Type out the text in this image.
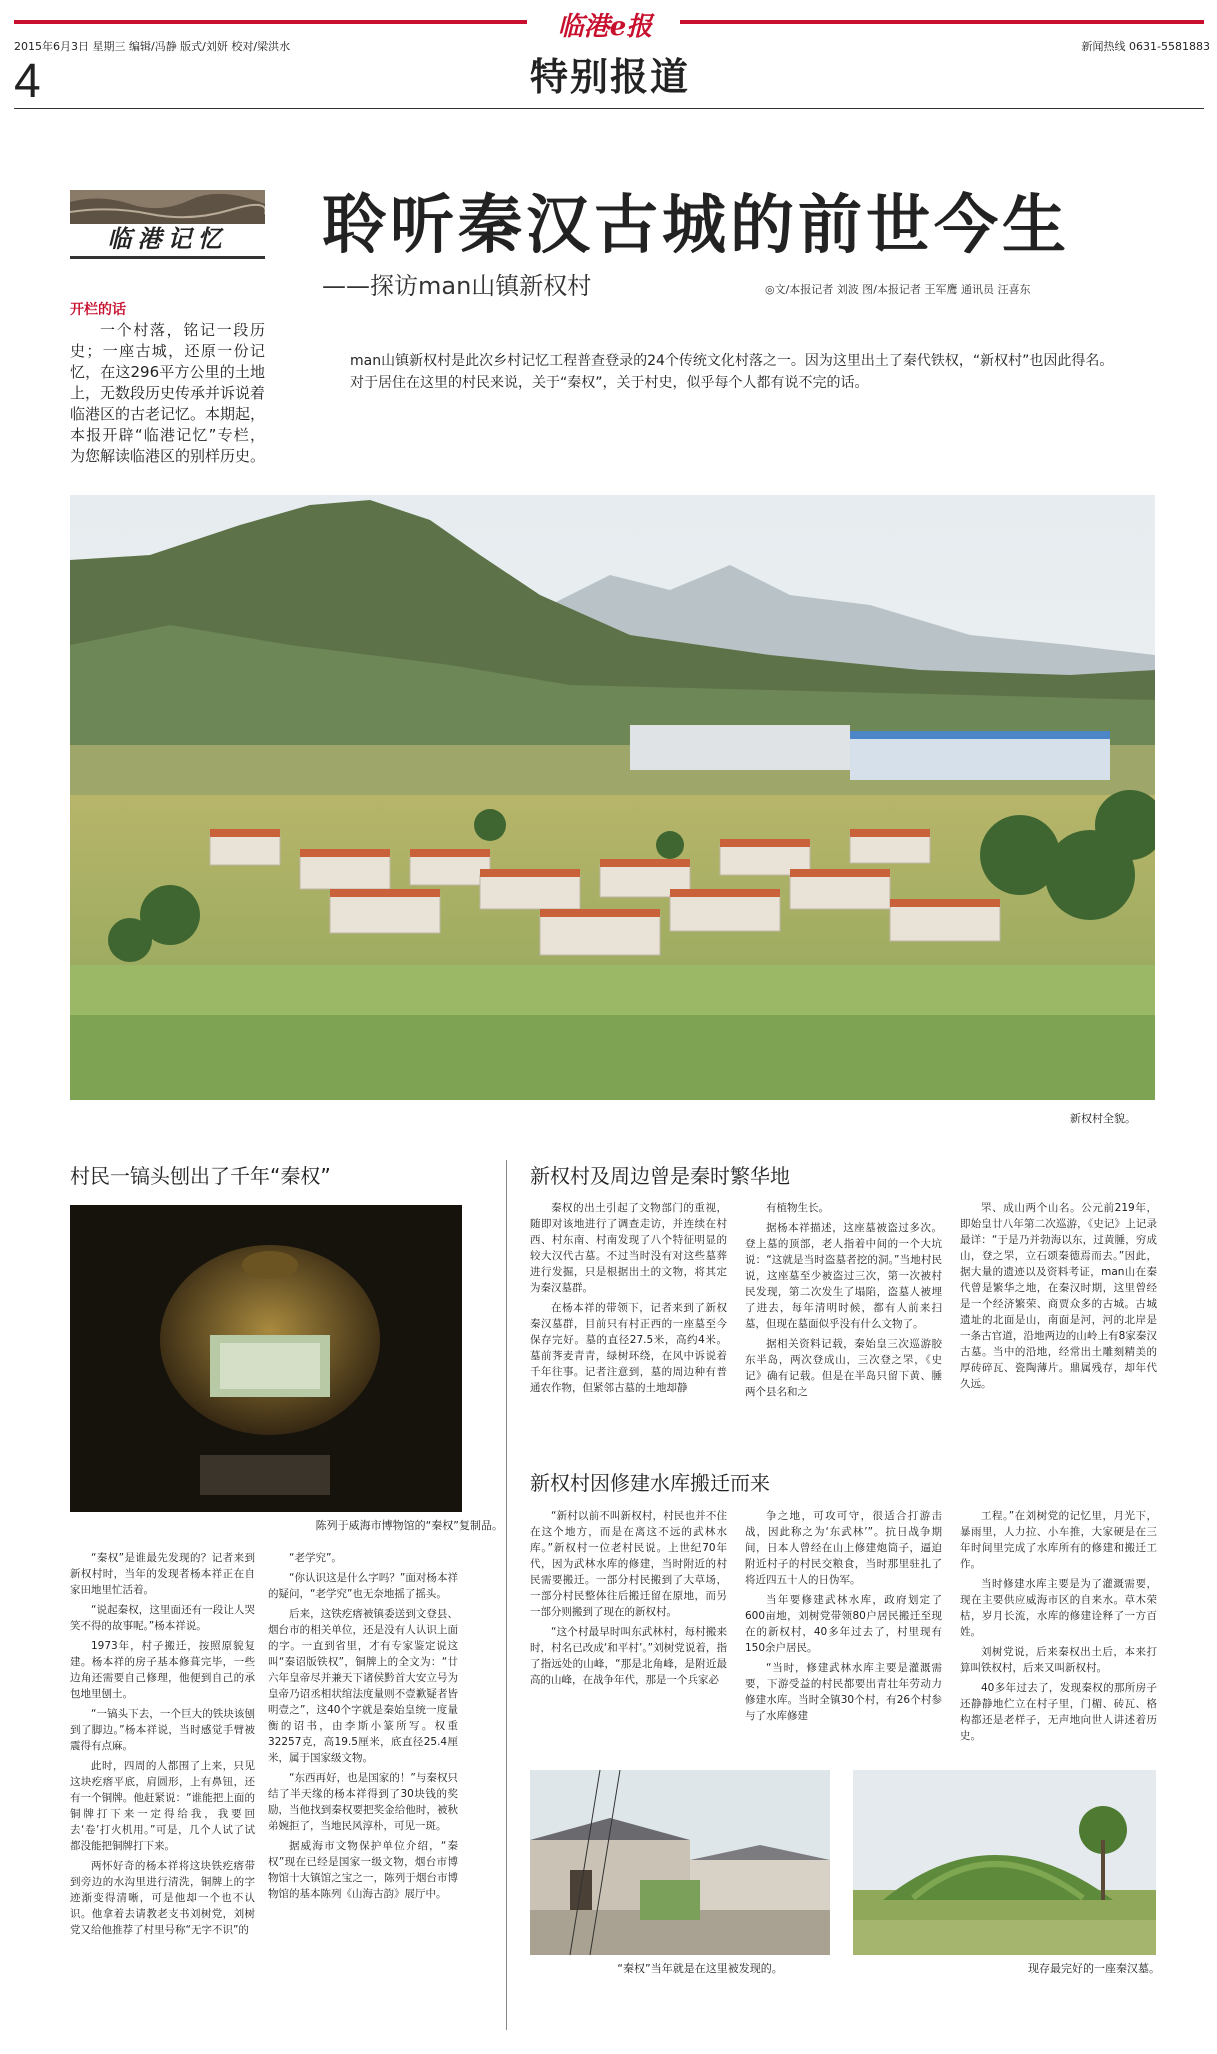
临港e报
2015年6月3日 星期三 编辑/冯静 版式/刘妍 校对/梁洪水	新闻热线 0631-5581883
4	特别报道
临港记忆
开栏的话
一个村落，铭记一段历史；一座古城，还原一份记忆，在这296平方公里的土地上，无数段历史传承并诉说着临港区的古老记忆。本期起，本报开辟“临港记忆”专栏，为您解读临港区的别样历史。
聆听秦汉古城的前世今生
——探访man山镇新权村	◎文/本报记者 刘波 图/本报记者 王军鹰 通讯员 汪喜东

man山镇新权村是此次乡村记忆工程普查登录的24个传统文化村落之一。因为这里出土了秦代铁权，“新权村”也因此得名。

对于居住在这里的村民来说，关于“秦权”，关于村史，似乎每个人都有说不完的话。

新权村全貌。
村民一镐头刨出了千年“秦权”
陈列于威海市博物馆的“秦权”复制品。

“秦权”是谁最先发现的？记者来到新权村时，当年的发现者杨本祥正在自家田地里忙活着。

“说起秦权，这里面还有一段让人哭笑不得的故事呢。”杨本祥说。

1973年，村子搬迁，按照原貌复建。杨本祥的房子基本修葺完毕，一些边角还需要自己修理，他便到自己的承包地里刨土。

“一镐头下去，一个巨大的铁块该刨到了脚边。”杨本祥说，当时感觉手臂被震得有点麻。

此时，四周的人都围了上来，只见这块疙瘩平底，肩圆形，上有鼻钮，还有一个铜牌。他赶紧说：“谁能把上面的铜牌打下来一定得给我，我要回去‘卷’打火机用。”可是，几个人试了试都没能把铜牌打下来。

两怀好奇的杨本祥将这块铁疙瘩带到旁边的水沟里进行清洗，铜牌上的字迹渐变得清晰，可是他却一个也不认识。他拿着去请教老支书刘树党，刘树党又给他推荐了村里号称“无字不识”的

“老学究”。

“你认识这是什么字吗？”面对杨本祥的疑问，“老学究”也无奈地摇了摇头。

后来，这铁疙瘩被镇委送到文登县、烟台市的相关单位，还是没有人认识上面的字。一直到省里，才有专家鉴定说这叫“秦诏版铁权”，铜牌上的全文为：“廿六年皇帝尽并兼天下诸侯黔首大安立号为皇帝乃诏丞相状绾法度量则不壹歉疑者皆明壹之”，这40个字就是秦始皇统一度量衡的诏书，由李斯小篆所写。权重32257克，高19.5厘米，底直径25.4厘米，属于国家级文物。

“东西再好，也是国家的！”与秦权只结了半天缘的杨本祥得到了30块钱的奖励，当他找到秦权要把奖金给他时，被秋弟婉拒了，当地民风淳朴，可见一斑。

据威海市文物保护单位介绍，“秦权”现在已经是国家一级文物，烟台市博物馆十大镇馆之宝之一，陈列于烟台市博物馆的基本陈列《山海古韵》展厅中。

新权村及周边曾是秦时繁华地

秦权的出土引起了文物部门的重视，随即对该地进行了调查走访，并连续在村西、村东南、村南发现了八个特征明显的较大汉代古墓。不过当时没有对这些墓葬进行发掘，只是根据出土的文物，将其定为秦汉墓群。

在杨本祥的带领下，记者来到了新权秦汉墓群，目前只有村正西的一座墓至今保存完好。墓的直径27.5米，高约4米。墓前荠麦青青，绿树环绕，在风中诉说着千年往事。记者注意到，墓的周边种有普通农作物，但紧邻古墓的土地却静

有植物生长。

据杨本祥描述，这座墓被盗过多次。登上墓的顶部，老人指着中间的一个大坑说：“这就是当时盗墓者挖的洞。”当地村民说，这座墓至少被盗过三次，第一次被村民发现，第二次发生了塌陷，盗墓人被埋了进去，每年清明时候，都有人前来扫墓，但现在墓面似乎没有什么文物了。

据相关资料记载，秦始皇三次巡游胶东半岛，两次登成山，三次登之罘，《史记》确有记载。但是在半岛只留下黄、腄两个县名和之

罘、成山两个山名。公元前219年，即始皇廿八年第二次巡游，《史记》上记录最详：“于是乃并勃海以东，过黄腄，穷成山，登之罘，立石颂秦德焉而去。”因此，据大量的遗迹以及资料考证，man山在秦代曾是繁华之地，在秦汉时期，这里曾经是一个经济繁荣、商贾众多的古城。古城遗址的北面是山，南面是河，河的北岸是一条古官道，沿地两边的山岭上有8家秦汉古墓。当中的沿地，经常出土雕刻精美的厚砖碎瓦、瓷陶薄片。鼎属残存，却年代久远。

新权村因修建水库搬迁而来

“新村以前不叫新权村，村民也并不住在这个地方，而是在离这不远的武林水库。”新权村一位老村民说。上世纪70年代，因为武林水库的修建，当时附近的村民需要搬迁。一部分村民搬到了大草场，一部分村民整体往后搬迁留在原地，而另一部分则搬到了现在的新权村。

“这个村最早时叫东武林村，每村搬来时，村名已改成‘和平村’。”刘树党说着，指了指远处的山峰，“那是北角峰，是附近最高的山峰，在战争年代，那是一个兵家必

争之地，可攻可守，很适合打游击战，因此称之为‘东武林’”。抗日战争期间，日本人曾经在山上修建炮筒子，逼迫附近村子的村民交粮食，当时那里驻扎了将近四五十人的日伪军。

当年要修建武林水库，政府划定了600亩地，刘树党带领80户居民搬迁至现在的新权村，40多年过去了，村里现有150余户居民。

“当时，修建武林水库主要是灌溉需要，下游受益的村民都要出青壮年劳动力修建水库。当时全镇30个村，有26个村参与了水库修建

工程。”在刘树党的记忆里，月光下，暴雨里，人力拉、小车推，大家硬是在三年时间里完成了水库所有的修建和搬迁工作。

当时修建水库主要是为了灌溉需要，现在主要供应威海市区的自来水。草木荣枯，岁月长流，水库的修建诠释了一方百姓。

刘树党说，后来秦权出土后，本来打算叫铁权村，后来又叫新权村。

40多年过去了，发现秦权的那所房子还静静地伫立在村子里，门楣、砖瓦、格构都还是老样子，无声地向世人讲述着历史。

“秦权”当年就是在这里被发现的。	现存最完好的一座秦汉墓。
